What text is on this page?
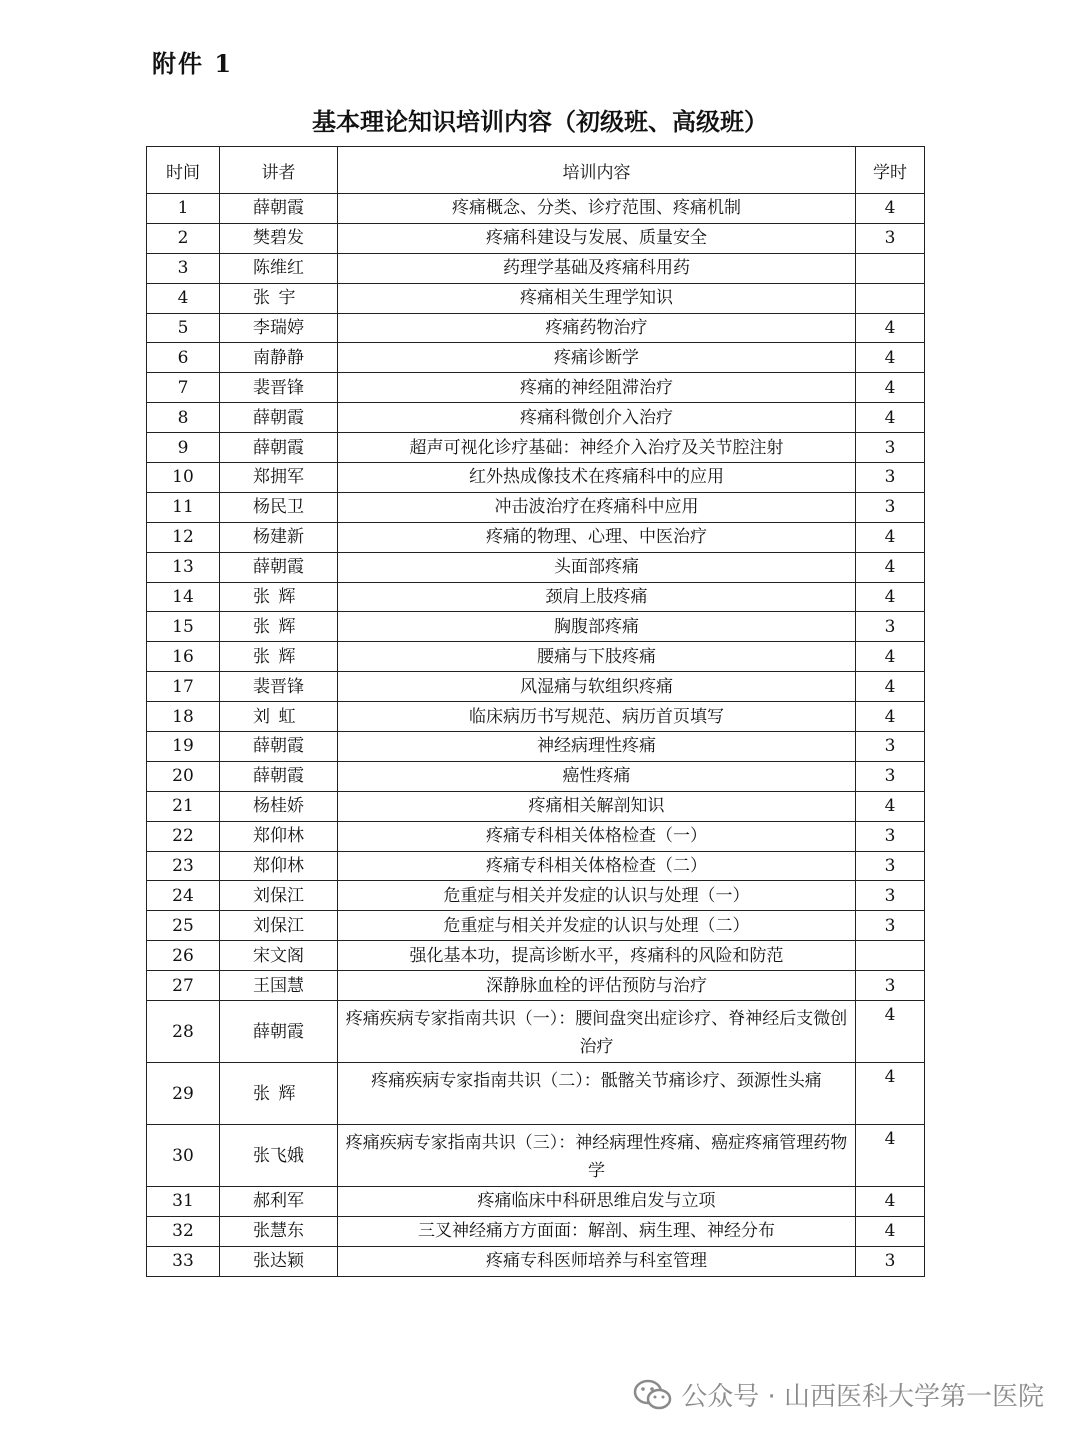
附件 1
基本理论知识培训内容（初级班、高级班）
时间	讲者	培训内容	学时
1	薛朝霞	疼痛概念、分类、诊疗范围、疼痛机制	4
2	樊碧发	疼痛科建设与发展、质量安全	3
3	陈维红	药理学基础及疼痛科用药	
4	张宇	疼痛相关生理学知识	
5	李瑞婷	疼痛药物治疗	4
6	南静静	疼痛诊断学	4
7	裴晋锋	疼痛的神经阻滞治疗	4
8	薛朝霞	疼痛科微创介入治疗	4
9	薛朝霞	超声可视化诊疗基础：神经介入治疗及关节腔注射	3
10	郑拥军	红外热成像技术在疼痛科中的应用	3
11	杨民卫	冲击波治疗在疼痛科中应用	3
12	杨建新	疼痛的物理、心理、中医治疗	4
13	薛朝霞	头面部疼痛	4
14	张辉	颈肩上肢疼痛	4
15	张辉	胸腹部疼痛	3
16	张辉	腰痛与下肢疼痛	4
17	裴晋锋	风湿痛与软组织疼痛	4
18	刘虹	临床病历书写规范、病历首页填写	4
19	薛朝霞	神经病理性疼痛	3
20	薛朝霞	癌性疼痛	3
21	杨桂娇	疼痛相关解剖知识	4
22	郑仰林	疼痛专科相关体格检查（一）	3
23	郑仰林	疼痛专科相关体格检查（二）	3
24	刘保江	危重症与相关并发症的认识与处理（一）	3
25	刘保江	危重症与相关并发症的认识与处理（二）	3
26	宋文阁	强化基本功，提高诊断水平，疼痛科的风险和防范	
27	王国慧	深静脉血栓的评估预防与治疗	3
28	薛朝霞	疼痛疾病专家指南共识（一）：腰间盘突出症诊疗、脊神经后支微创治疗	4
29	张辉	疼痛疾病专家指南共识（二）：骶髂关节痛诊疗、颈源性头痛	4
30	张飞娥	疼痛疾病专家指南共识（三）：神经病理性疼痛、癌症疼痛管理药物学	4
31	郝利军	疼痛临床中科研思维启发与立项	4
32	张慧东	三叉神经痛方方面面：解剖、病生理、神经分布	4
33	张达颖	疼痛专科医师培养与科室管理	3
公众号 · 山西医科大学第一医院
